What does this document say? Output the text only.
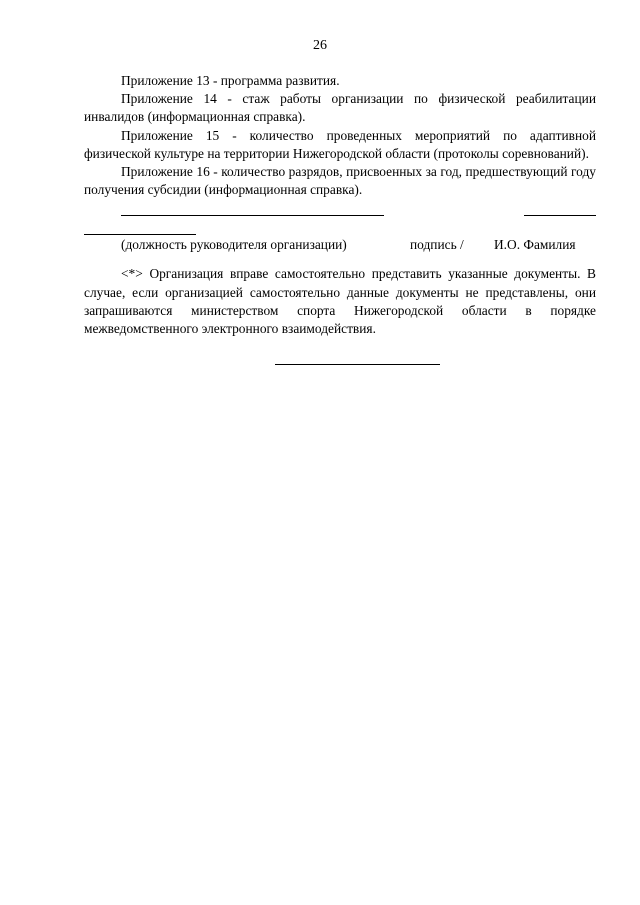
26

Приложение 13 - программа развития.

Приложение 14 - стаж работы организации по физической реабилитации инвалидов (информационная справка).

Приложение 15 - количество проведенных мероприятий по адаптивной физической культуре на территории Нижегородской области (протоколы соревнований).

Приложение 16 - количество разрядов, присвоенных за год, предшествующий году получения субсидии (информационная справка).

(должность руководителя организации)	подпись / И.О. Фамилия

<*> Организация вправе самостоятельно представить указанные документы. В случае, если организацией самостоятельно данные документы не представлены, они запрашиваются министерством спорта Нижегородской области в порядке межведомственного электронного взаимодействия.
